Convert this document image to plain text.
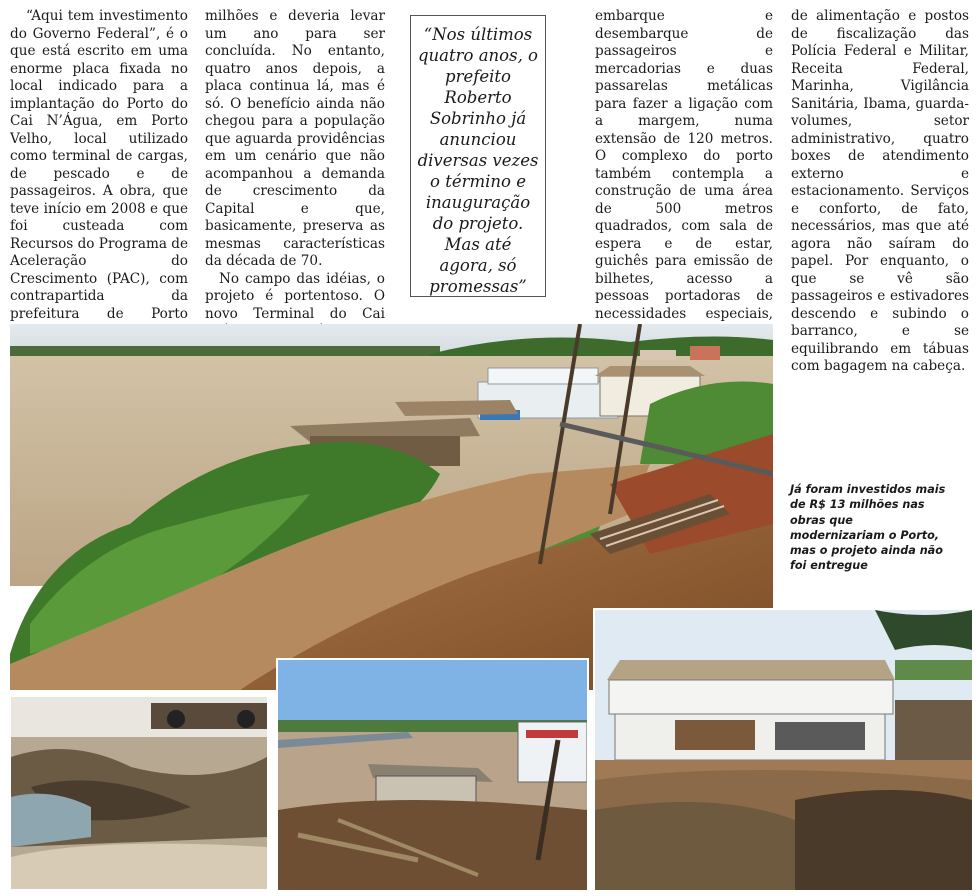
“Aqui tem investimento do Governo Federal”, é o que está escrito em uma enorme placa fixada no local indicado para a implantação do Porto do Cai N’Água, em Porto Velho, local utilizado como terminal de cargas, de pescado e de passageiros. A obra, que teve início em 2008 e que foi custeada com Recursos do Programa de Aceleração do Crescimento (PAC), com contrapartida da prefeitura de Porto

milhões e deveria levar um ano para ser concluída. No entanto, quatro anos depois, a placa continua lá, mas é só. O benefício ainda não chegou para a população que aguarda providências em um cenário que não acompanhou a demanda de crescimento da Capital e que, basicamente, preserva as mesmas características da década de 70.

No campo das idéias, o projeto é portentoso. O novo Terminal do Cai

“Nos últimos quatro anos, o prefeito Roberto Sobrinho já anunciou diversas vezes o término e inauguração do projeto. Mas até agora, só promessas”

embarque e desembarque de passageiros e mercadorias e duas passarelas metálicas para fazer a ligação com a margem, numa extensão de 120 metros. O complexo do porto também contempla a construção de uma área de 500 metros quadrados, com sala de espera e de estar, guichês para emissão de bilhetes, acesso a pessoas portadoras de necessidades especiais,

de alimentação e postos de fiscalização das Polícia Federal e Militar, Receita Federal, Marinha, Vigilância Sanitária, Ibama, guarda-volumes, setor administrativo, quatro boxes de atendimento externo e estacionamento. Serviços e conforto, de fato, necessários, mas que até agora não saíram do papel. Por enquanto, o que se vê são passageiros e estivadores descendo e subindo o barranco, e se equilibrando em tábuas com bagagem na cabeça.

Já foram investidos mais de R$ 13 milhões nas obras que modernizariam o Porto, mas o projeto ainda não foi entregue
